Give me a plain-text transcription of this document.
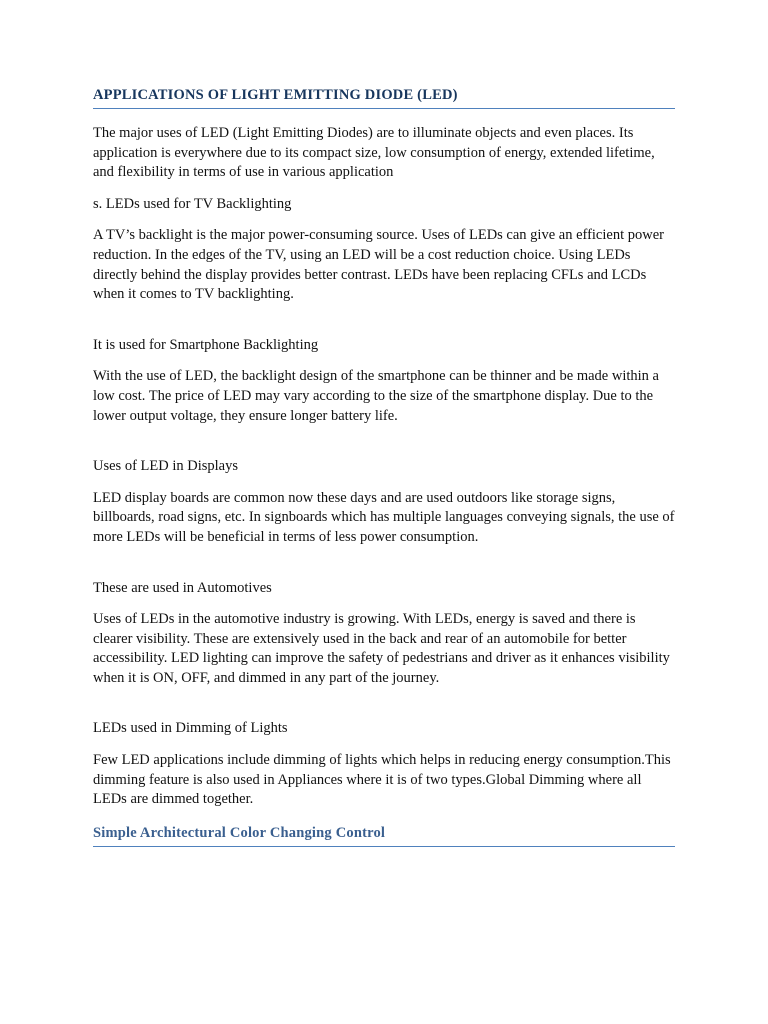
APPLICATIONS OF LIGHT EMITTING DIODE (LED)

The major uses of LED (Light Emitting Diodes) are to illuminate objects and even places. Its application is everywhere due to its compact size, low consumption of energy, extended lifetime, and flexibility in terms of use in various application

s. LEDs used for TV Backlighting

A TV’s backlight is the major power-consuming source. Uses of LEDs can give an efficient power reduction. In the edges of the TV, using an LED will be a cost reduction choice. Using LEDs directly behind the display provides better contrast. LEDs have been replacing CFLs and LCDs when it comes to TV backlighting.

It is used for Smartphone Backlighting

With the use of LED, the backlight design of the smartphone can be thinner and be made within a low cost. The price of LED may vary according to the size of the smartphone display. Due to the lower output voltage, they ensure longer battery life.

Uses of LED in Displays

LED display boards are common now these days and are used outdoors like storage signs, billboards, road signs, etc. In signboards which has multiple languages conveying signals, the use of more LEDs will be beneficial in terms of less power consumption.

These are used in Automotives

Uses of LEDs in the automotive industry is growing. With LEDs, energy is saved and there is clearer visibility. These are extensively used in the back and rear of an automobile for better accessibility. LED lighting can improve the safety of pedestrians and driver as it enhances visibility when it is ON, OFF, and dimmed in any part of the journey.

LEDs used in Dimming of Lights

Few LED applications include dimming of lights which helps in reducing energy consumption.This dimming feature is also used in Appliances where it is of two types.Global Dimming where all LEDs are dimmed together.

Simple Architectural Color Changing Control
